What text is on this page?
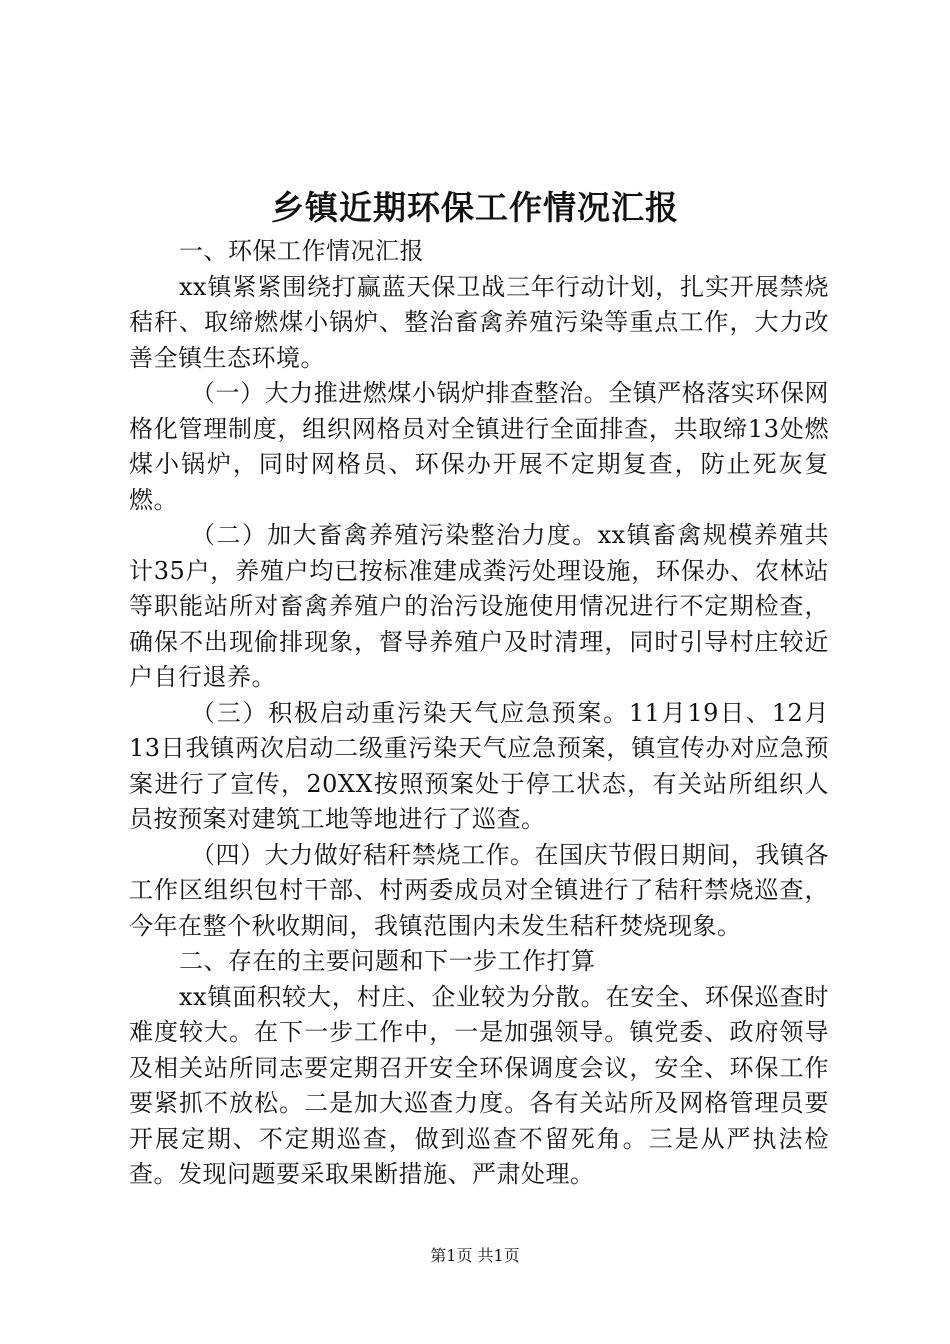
乡镇近期环保工作情况汇报

一、环保工作情况汇报

xx镇紧紧围绕打赢蓝天保卫战三年行动计划，扎实开展禁烧秸秆、取缔燃煤小锅炉、整治畜禽养殖污染等重点工作，大力改善全镇生态环境。

（一）大力推进燃煤小锅炉排查整治。全镇严格落实环保网格化管理制度，组织网格员对全镇进行全面排查，共取缔13处燃煤小锅炉，同时网格员、环保办开展不定期复查，防止死灰复燃。

（二）加大畜禽养殖污染整治力度。xx镇畜禽规模养殖共计35户，养殖户均已按标准建成粪污处理设施，环保办、农林站等职能站所对畜禽养殖户的治污设施使用情况进行不定期检查，确保不出现偷排现象，督导养殖户及时清理，同时引导村庄较近户自行退养。

（三）积极启动重污染天气应急预案。11月19日、12月13日我镇两次启动二级重污染天气应急预案，镇宣传办对应急预案进行了宣传，20XX按照预案处于停工状态，有关站所组织人员按预案对建筑工地等地进行了巡查。

（四）大力做好秸秆禁烧工作。在国庆节假日期间，我镇各工作区组织包村干部、村两委成员对全镇进行了秸秆禁烧巡查，今年在整个秋收期间，我镇范围内未发生秸秆焚烧现象。

二、存在的主要问题和下一步工作打算

xx镇面积较大，村庄、企业较为分散。在安全、环保巡查时难度较大。在下一步工作中，一是加强领导。镇党委、政府领导及相关站所同志要定期召开安全环保调度会议，安全、环保工作要紧抓不放松。二是加大巡查力度。各有关站所及网格管理员要开展定期、不定期巡查，做到巡查不留死角。三是从严执法检查。发现问题要采取果断措施、严肃处理。

第1页 共1页
